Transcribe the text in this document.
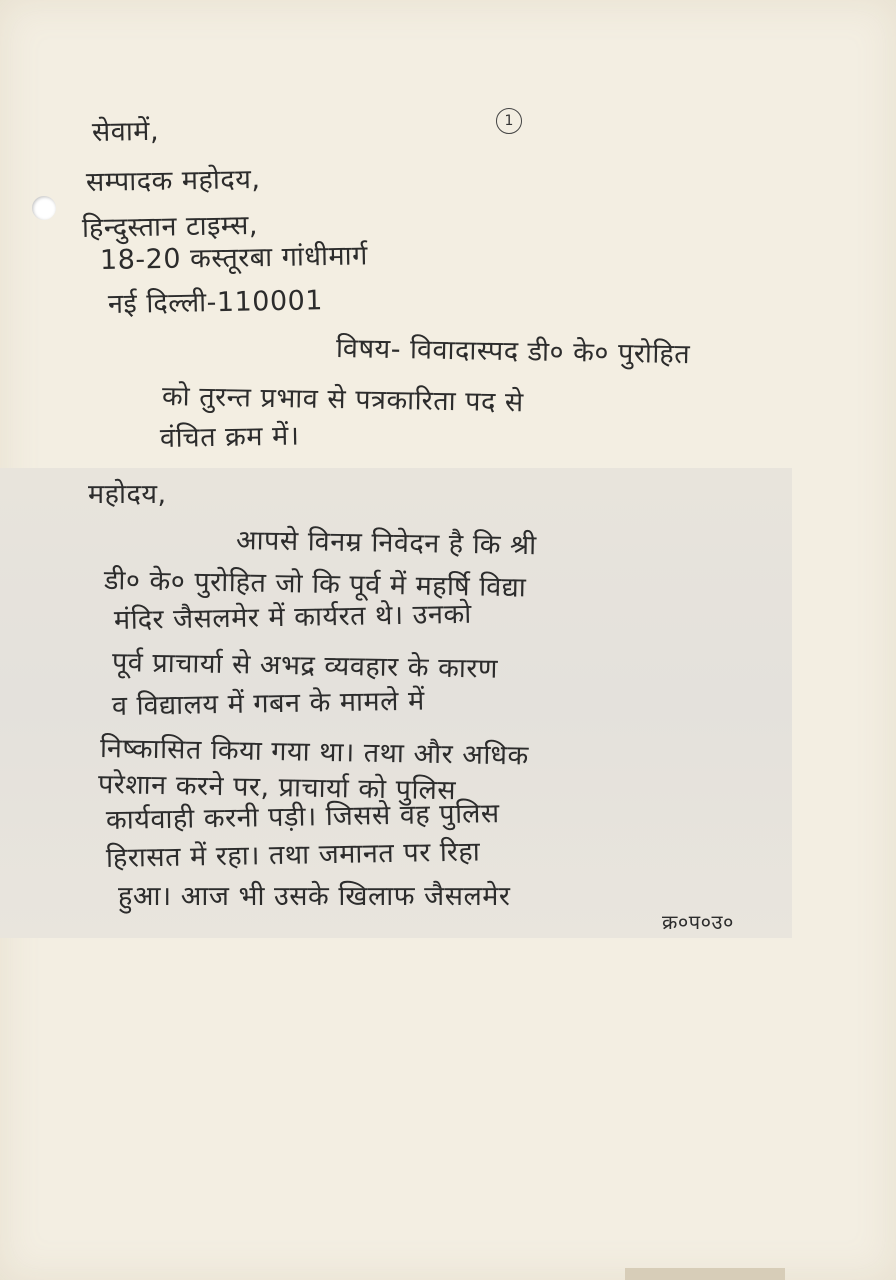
1
सेवामें,
सम्पादक महोदय,
हिन्दुस्तान टाइम्स,
18-20 कस्तूरबा गांधीमार्ग
नई दिल्ली-110001
विषय- विवादास्पद डी० के० पुरोहित
को तुरन्त प्रभाव से पत्रकारिता पद से
वंचित क्रम में।
महोदय,
आपसे विनम्र निवेदन है कि श्री
डी० के० पुरोहित जो कि पूर्व में महर्षि विद्या
मंदिर जैसलमेर में कार्यरत थे। उनको
पूर्व प्राचार्या से अभद्र व्यवहार के कारण
व विद्यालय में गबन के मामले में
निष्कासित किया गया था। तथा और अधिक
परेशान करने पर, प्राचार्या को पुलिस
कार्यवाही करनी पड़ी। जिससे वह पुलिस
हिरासत में रहा। तथा जमानत पर रिहा
हुआ। आज भी उसके खिलाफ जैसलमेर
क्र०प०उ०
